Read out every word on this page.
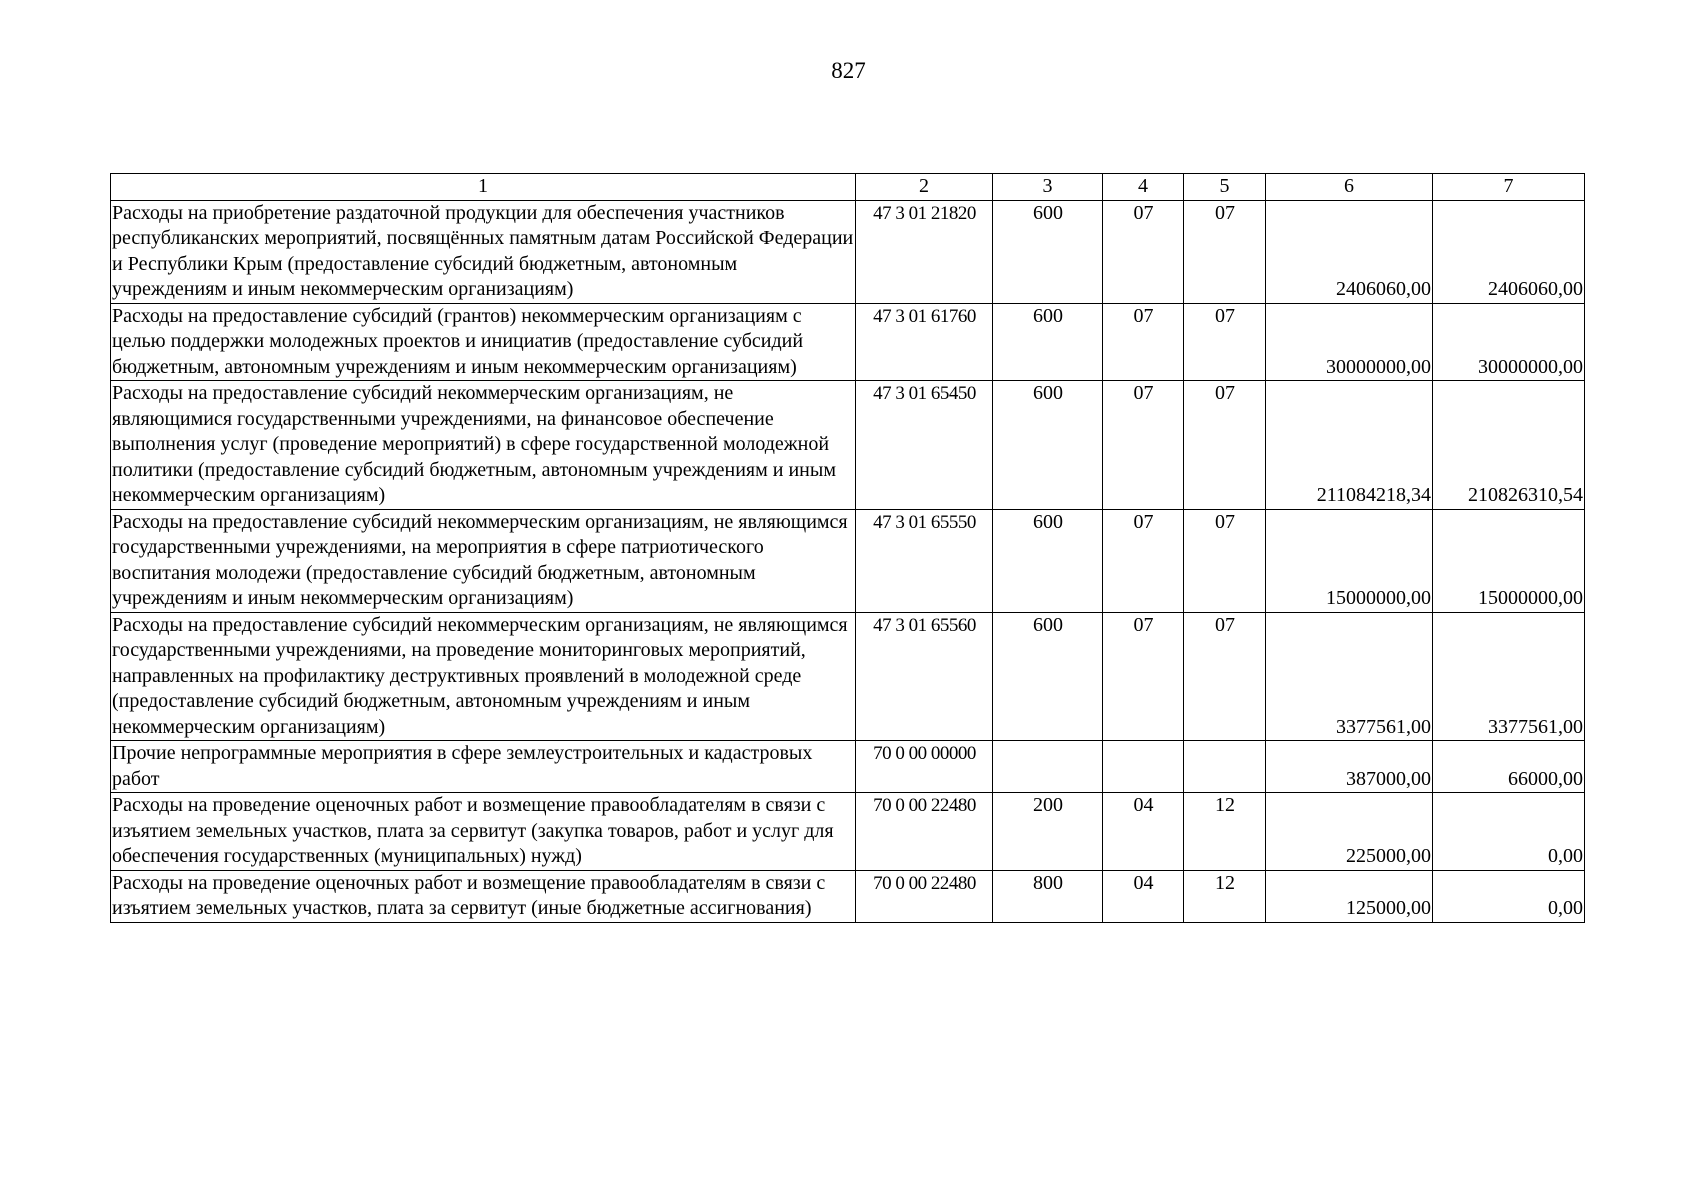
827
1	2	3	4	5	6	7
Расходы на приобретение раздаточной продукции для обеспечения участников республиканских мероприятий, посвящённых памятным датам Российской Федерации и Республики Крым (предоставление субсидий бюджетным, автономным учреждениям и иным некоммерческим организациям)	47 3 01 21820	600	07	07	2406060,00	2406060,00
Расходы на предоставление субсидий (грантов) некоммерческим организациям с целью поддержки молодежных проектов и инициатив (предоставление субсидий бюджетным, автономным учреждениям и иным некоммерческим организациям)	47 3 01 61760	600	07	07	30000000,00	30000000,00
Расходы на предоставление субсидий некоммерческим организациям, не являющимися государственными учреждениями, на финансовое обеспечение выполнения услуг (проведение мероприятий) в сфере государственной молодежной политики (предоставление субсидий бюджетным, автономным учреждениям и иным некоммерческим организациям)	47 3 01 65450	600	07	07	211084218,34	210826310,54
Расходы на предоставление субсидий некоммерческим организациям, не являющимся государственными учреждениями, на мероприятия в сфере патриотического воспитания молодежи (предоставление субсидий бюджетным, автономным учреждениям и иным некоммерческим организациям)	47 3 01 65550	600	07	07	15000000,00	15000000,00
Расходы на предоставление субсидий некоммерческим организациям, не являющимся государственными учреждениями, на проведение мониторинговых мероприятий, направленных на профилактику деструктивных проявлений в молодежной среде (предоставление субсидий бюджетным, автономным учреждениям и иным некоммерческим организациям)	47 3 01 65560	600	07	07	3377561,00	3377561,00
Прочие непрограммные мероприятия в сфере землеустроительных и кадастровых работ	70 0 00 00000				387000,00	66000,00
Расходы на проведение оценочных работ и возмещение правообладателям в связи с изъятием земельных участков, плата за сервитут (закупка товаров, работ и услуг для обеспечения государственных (муниципальных) нужд)	70 0 00 22480	200	04	12	225000,00	0,00
Расходы на проведение оценочных работ и возмещение правообладателям в связи с изъятием земельных участков, плата за сервитут (иные бюджетные ассигнования)	70 0 00 22480	800	04	12	125000,00	0,00
